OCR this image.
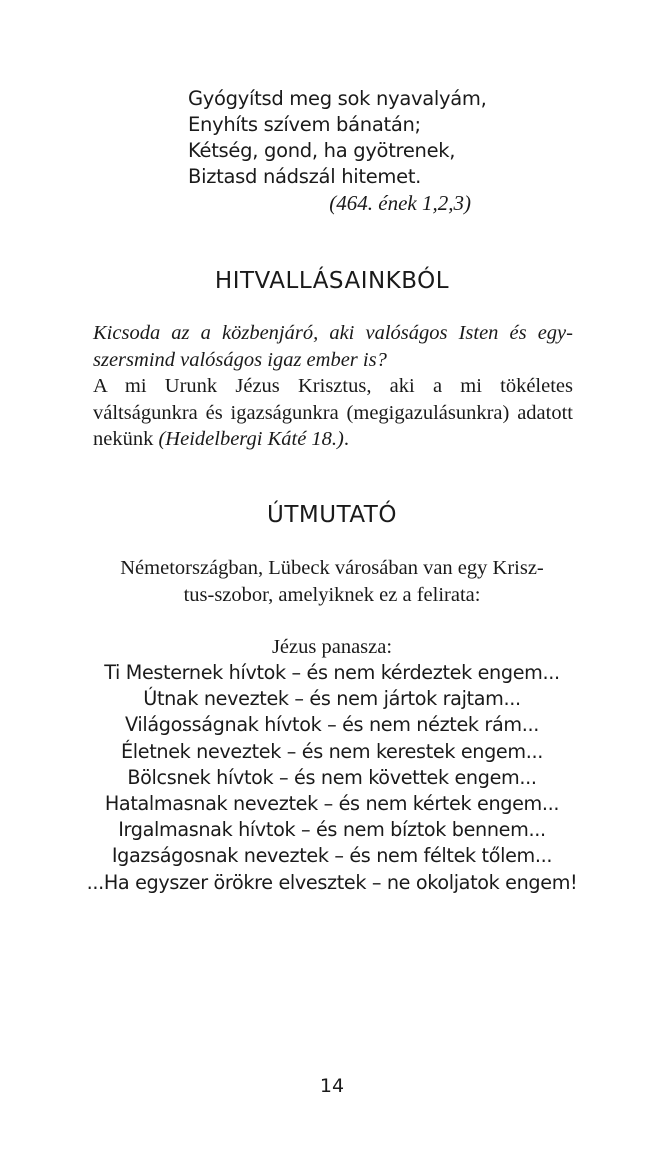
Gyógyítsd meg sok nyavalyám,
Enyhíts szívem bánatán;
Kétség, gond, ha gyötrenek,
Biztasd nádszál hitemet.
(464. ének 1,2,3)
HITVALLÁSAINKBÓL
Kicsoda az a közbenjáró, aki valóságos Isten és egyszersmind valóságos igaz ember is?
A mi Urunk Jézus Krisztus, aki a mi tökéletes váltságunkra és igazságunkra (megigazulásunkra) adatott nekünk (Heidelbergi Káté 18.).
ÚTMUTATÓ
Németországban, Lübeck városában van egy Krisz-
tus-szobor, amelyiknek ez a felirata:
Jézus panasza:
Ti Mesternek hívtok – és nem kérdeztek engem...
Útnak neveztek – és nem jártok rajtam...
Világosságnak hívtok – és nem néztek rám...
Életnek neveztek – és nem kerestek engem...
Bölcsnek hívtok – és nem követtek engem...
Hatalmasnak neveztek – és nem kértek engem...
Irgalmasnak hívtok – és nem bíztok bennem...
Igazságosnak neveztek – és nem féltek tőlem...
...Ha egyszer örökre elvesztek – ne okoljatok engem!
14
